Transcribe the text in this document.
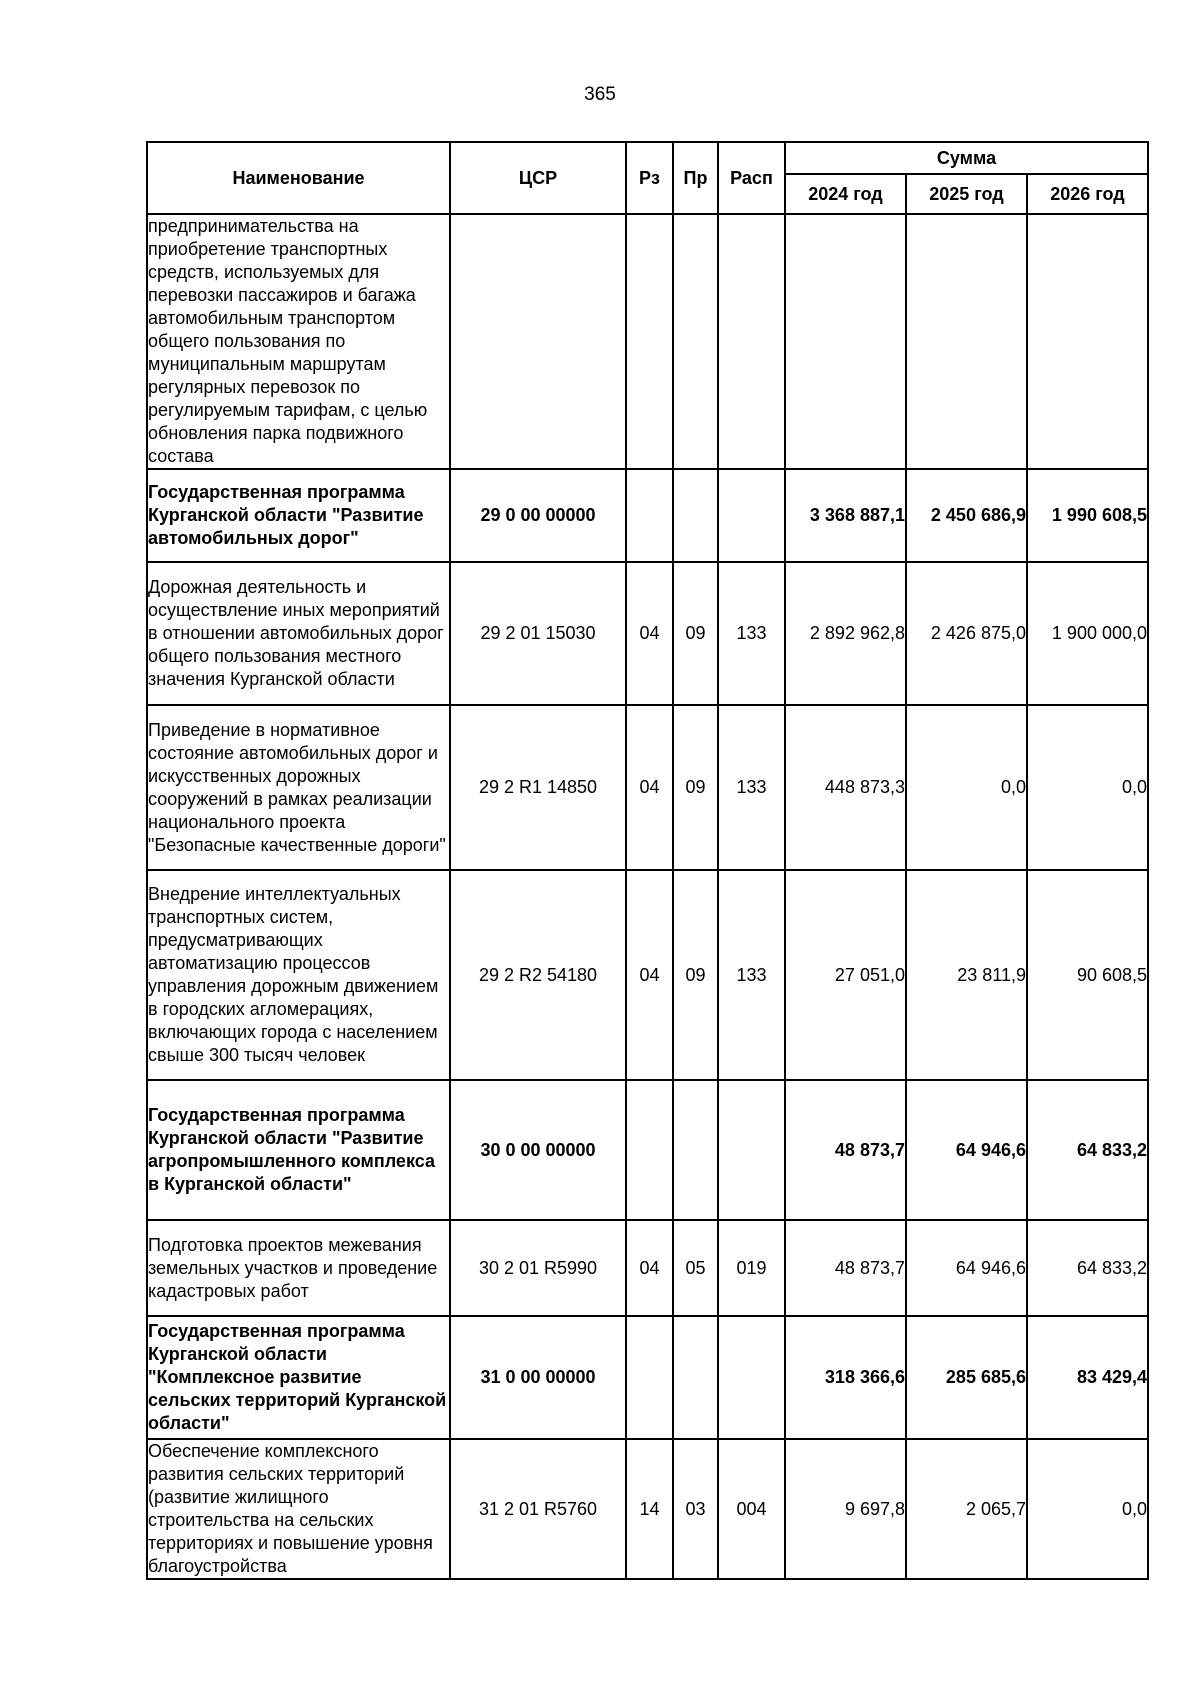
365
Наименование	ЦСР	Рз	Пр	Расп	Сумма		
					2024 год	2025 год	2026 год
предпринимательства на приобретение транспортных средств, используемых для перевозки пассажиров и багажа автомобильным транспортом общего пользования по муниципальным маршрутам регулярных перевозок по регулируемым тарифам, с целью обновления парка подвижного состава							
Государственная программа Курганской области "Развитие автомобильных дорог"	29 0 00 00000				3 368 887,1	2 450 686,9	1 990 608,5
Дорожная деятельность и осуществление иных мероприятий в отношении автомобильных дорог общего пользования местного значения Курганской области	29 2 01 15030	04	09	133	2 892 962,8	2 426 875,0	1 900 000,0
Приведение в нормативное состояние автомобильных дорог и искусственных дорожных сооружений в рамках реализации национального проекта "Безопасные качественные дороги"	29 2 R1 14850	04	09	133	448 873,3	0,0	0,0
Внедрение интеллектуальных транспортных систем, предусматривающих автоматизацию процессов управления дорожным движением в городских агломерациях, включающих города с населением свыше 300 тысяч человек	29 2 R2 54180	04	09	133	27 051,0	23 811,9	90 608,5
Государственная программа Курганской области "Развитие агропромышленного комплекса в Курганской области"	30 0 00 00000				48 873,7	64 946,6	64 833,2
Подготовка проектов межевания земельных участков и проведение кадастровых работ	30 2 01 R5990	04	05	019	48 873,7	64 946,6	64 833,2
Государственная программа Курганской области "Комплексное развитие сельских территорий Курганской области"	31 0 00 00000				318 366,6	285 685,6	83 429,4
Обеспечение комплексного развития сельских территорий (развитие жилищного строительства на сельских территориях и повышение уровня благоустройства	31 2 01 R5760	14	03	004	9 697,8	2 065,7	0,0
